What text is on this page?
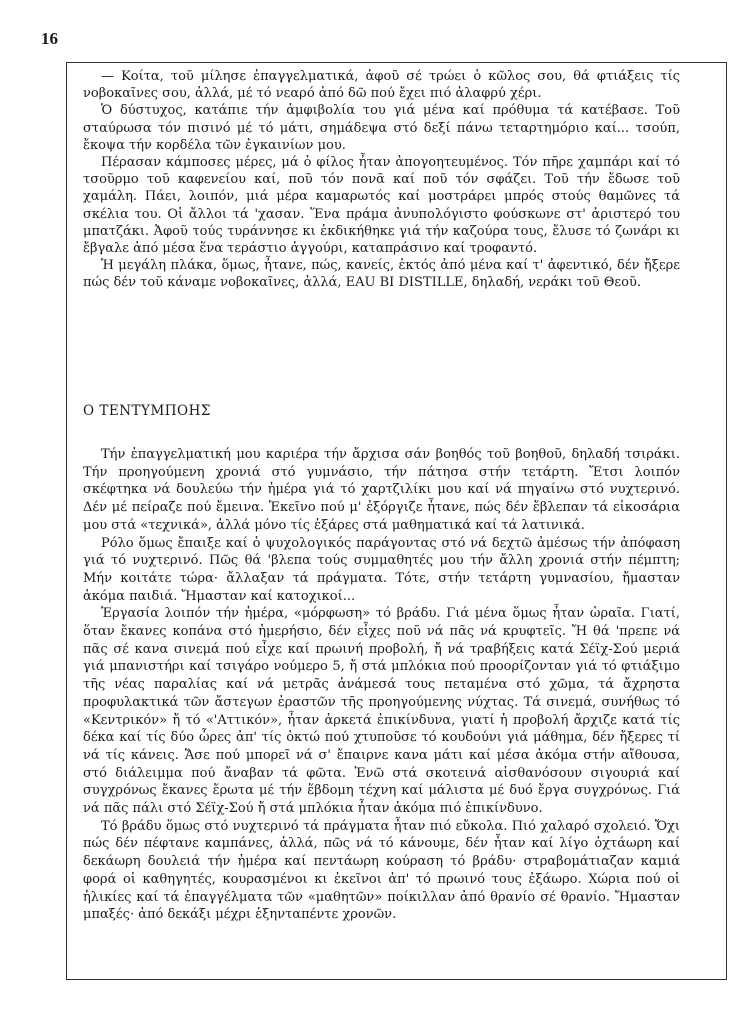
16

— Κοίτα, τοῦ μίλησε ἐπαγγελματικά, ἀφοῦ σέ τρώει ὁ κῶλος σου, θά φτιάξεις τίς νοβοκαῖνες σου, ἀλλά, μέ τό νεαρό ἀπό δῶ πού ἔχει πιό ἀλαφρύ χέρι.

Ὁ δύστυχος, κατάπιε τήν ἀμφιβολία του γιά μένα καί πρόθυμα τά κατέβασε. Τοῦ σταύρωσα τόν πισινό μέ τό μάτι, σημάδεψα στό δεξί πάνω τεταρτημόριο καί... τσούπ, ἔκοψα τήν κορδέλα τῶν ἐγκαινίων μου.

Πέρασαν κάμποσες μέρες, μά ὁ φίλος ἦταν ἀπογοητευμένος. Τόν πῆρε χαμπάρι καί τό τσοῦρμο τοῦ καφενείου καί, ποῦ τόν πονᾶ καί ποῦ τόν σφάζει. Τοῦ τήν ἔδωσε τοῦ χαμάλη. Πάει, λοιπόν, μιά μέρα καμαρωτός καί μοστράρει μπρός στούς θαμῶνες τά σκέλια του. Οἱ ἄλλοι τά 'χασαν. Ἕνα πράμα ἀνυπολόγιστο φούσκωνε στ' ἀριστερό του μπατζάκι. Ἀφοῦ τούς τυράννησε κι ἐκδικήθηκε γιά τήν καζούρα τους, ἔλυσε τό ζωνάρι κι ἔβγαλε ἀπό μέσα ἕνα τεράστιο ἀγγούρι, καταπράσινο καί τροφαντό.

Ἡ μεγάλη πλάκα, ὅμως, ἦτανε, πώς, κανείς, ἐκτός ἀπό μένα καί τ' ἀφεντικό, δέν ἤξερε πώς δέν τοῦ κάναμε νοβοκαῖνες, ἀλλά, EAU BI DISTILLE, δηλαδή, νεράκι τοῦ Θεοῦ.

Ο ΤΕΝΤΥΜΠΟΗΣ

Τήν ἐπαγγελματική μου καριέρα τήν ἄρχισα σάν βοηθός τοῦ βοηθοῦ, δηλαδή τσιράκι. Τήν προηγούμενη χρονιά στό γυμνάσιο, τήν πάτησα στήν τετάρτη. Ἔτσι λοιπόν σκέφτηκα νά δουλεύω τήν ἡμέρα γιά τό χαρτζιλίκι μου καί νά πηγαίνω στό νυχτερινό. Δέν μέ πείραζε πού ἔμεινα. Ἐκεῖνο πού μ' ἐξόργιζε ἦτανε, πώς δέν ἔβλεπαν τά εἰκοσάρια μου στά «τεχνικά», ἀλλά μόνο τίς ἑξάρες στά μαθηματικά καί τά λατινικά.

Ρόλο ὅμως ἔπαιξε καί ὁ ψυχολογικός παράγοντας στό νά δεχτῶ ἀμέσως τήν ἀπόφαση γιά τό νυχτερινό. Πῶς θά 'βλεπα τούς συμμαθητές μου τήν ἄλλη χρονιά στήν πέμπτη; Μήν κοιτάτε τώρα· ἄλλαξαν τά πράγματα. Τότε, στήν τετάρτη γυμνασίου, ἤμασταν ἀκόμα παιδιά. Ἤμασταν καί κατοχικοί...

Ἐργασία λοιπόν τήν ἡμέρα, «μόρφωση» τό βράδυ. Γιά μένα ὅμως ἦταν ὡραῖα. Γιατί, ὅταν ἔκανες κοπάνα στό ἡμερήσιο, δέν εἶχες ποῦ νά πᾶς νά κρυφτεῖς. Ἤ θά 'πρεπε νά πᾶς σέ κανα σινεμά πού εἶχε καί πρωινή προβολή, ἤ νά τραβήξεις κατά Σέϊχ-Σού μεριά γιά μπανιστήρι καί τσιγάρο νούμερο 5, ἤ στά μπλόκια πού προορίζονταν γιά τό φτιάξιμο τῆς νέας παραλίας καί νά μετρᾶς ἀνάμεσά τους πεταμένα στό χῶμα, τά ἄχρηστα προφυλακτικά τῶν ἄστεγων ἐραστῶν τῆς προηγούμενης νύχτας. Τά σινεμά, συνήθως τό «Κεντρικόν» ἤ τό «'Αττικόν», ἦταν ἀρκετά ἐπικίνδυνα, γιατί ἡ προβολή ἄρχιζε κατά τίς δέκα καί τίς δύο ὧρες ἀπ' τίς ὀκτώ πού χτυποῦσε τό κουδούνι γιά μάθημα, δέν ἤξερες τί νά τίς κάνεις. Ἄσε πού μπορεῖ νά σ' ἔπαιρνε κανα μάτι καί μέσα ἀκόμα στήν αἴθουσα, στό διάλειμμα πού ἄναβαν τά φῶτα. Ἐνῶ στά σκοτεινά αἰσθανόσουν σιγουριά καί συγχρόνως ἔκανες ἔρωτα μέ τήν ἕβδομη τέχνη καί μάλιστα μέ δυό ἔργα συγχρόνως. Γιά νά πᾶς πάλι στό Σέϊχ-Σού ἤ στά μπλόκια ἦταν ἀκόμα πιό ἐπικίνδυνο.

Τό βράδυ ὅμως στό νυχτερινό τά πράγματα ἦταν πιό εὔκολα. Πιό χαλαρό σχολειό. Ὄχι πώς δέν πέφτανε καμπάνες, ἀλλά, πῶς νά τό κάνουμε, δέν ἦταν καί λίγο ὀχτάωρη καί δεκάωρη δουλειά τήν ἡμέρα καί πεντάωρη κούραση τό βράδυ· στραβομάτιαζαν καμιά φορά οἱ καθηγητές, κουρασμένοι κι ἐκεῖνοι ἀπ' τό πρωινό τους ἐξάωρο. Χώρια πού οἱ ἡλικίες καί τά ἐπαγγέλματα τῶν «μαθητῶν» ποίκιλλαν ἀπό θρανίο σέ θρανίο. Ἤμασταν μπαξές· ἀπό δεκάξι μέχρι ἑξηνταπέντε χρονῶν.
